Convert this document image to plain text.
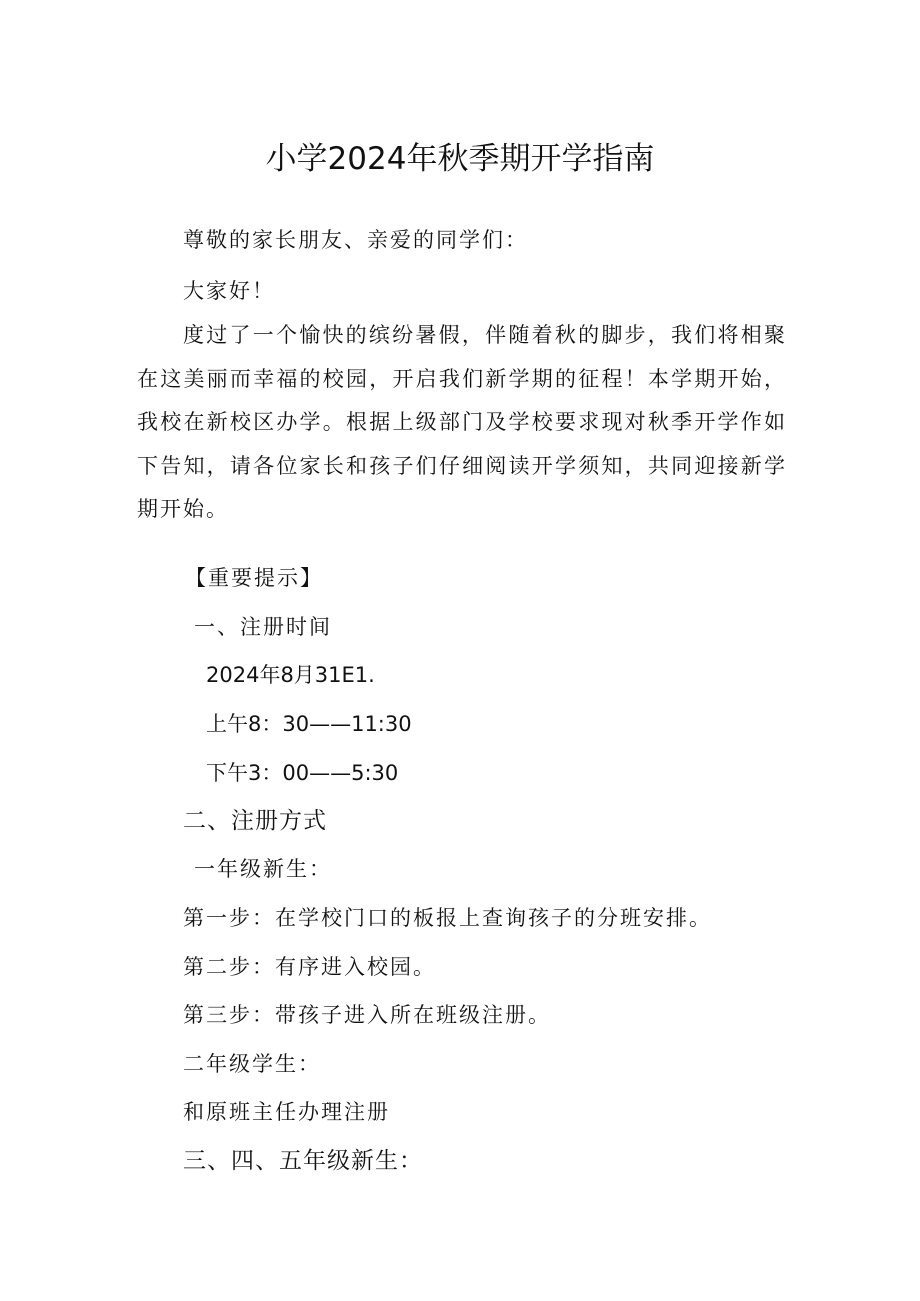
小学2024年秋季期开学指南
尊敬的家长朋友、亲爱的同学们：
大家好！
度过了一个愉快的缤纷暑假，伴随着秋的脚步，我们将相聚在这美丽而幸福的校园，开启我们新学期的征程！本学期开始，我校在新校区办学。根据上级部门及学校要求现对秋季开学作如下告知，请各位家长和孩子们仔细阅读开学须知，共同迎接新学期开始。
【重要提示】
一、注册时间
2024年8月31E1.
上午8：30——11:30
下午3：00——5:30
二、注册方式
一年级新生：
第一步：在学校门口的板报上查询孩子的分班安排。
第二步：有序进入校园。
第三步：带孩子进入所在班级注册。
二年级学生：
和原班主任办理注册
三、四、五年级新生：
